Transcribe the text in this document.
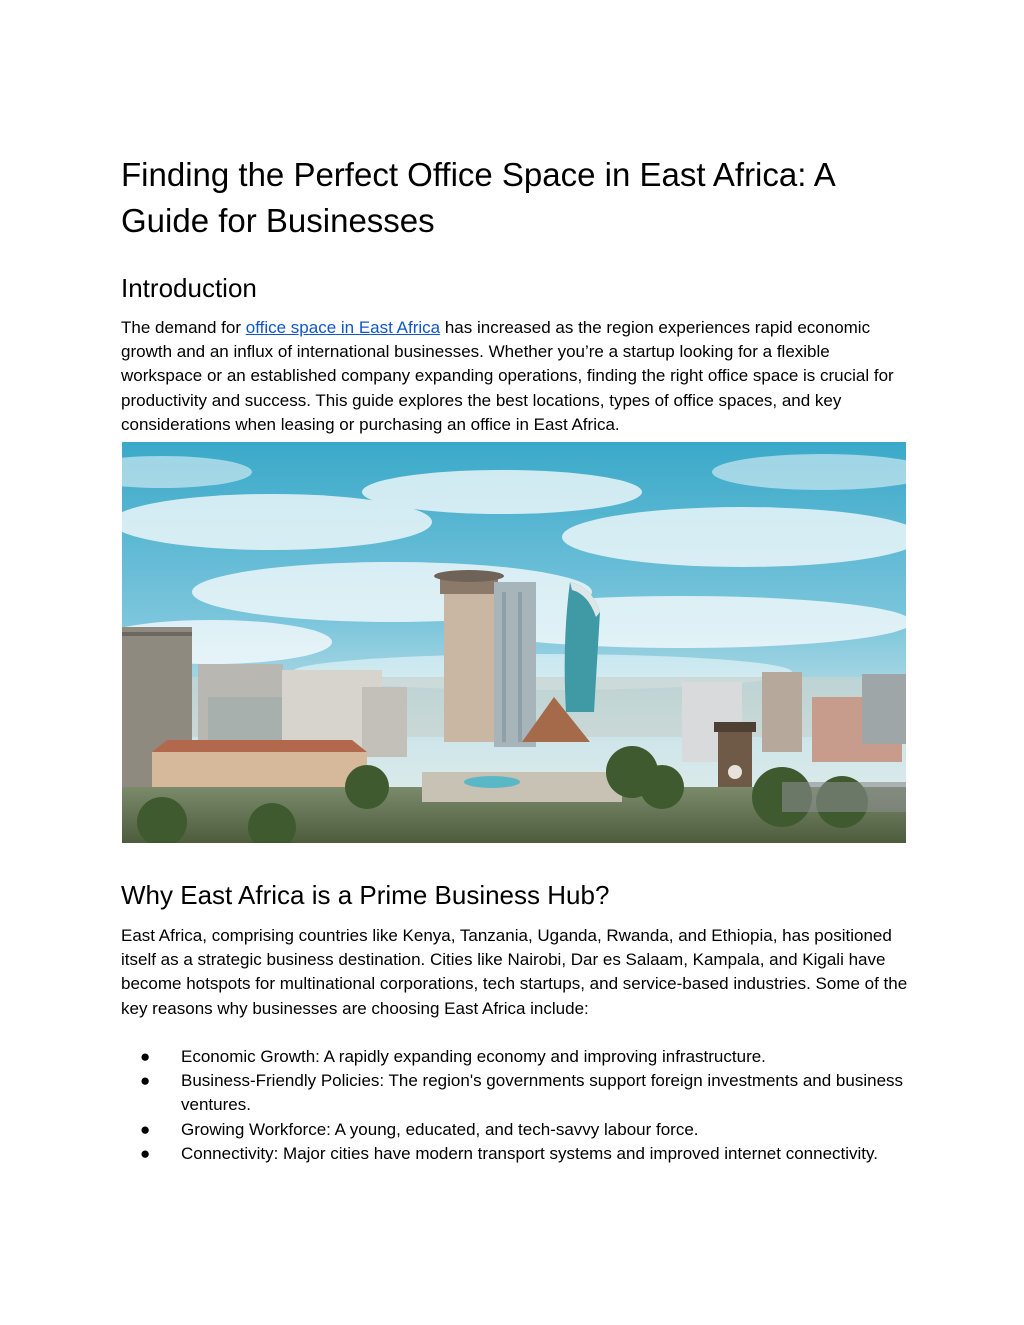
Finding the Perfect Office Space in East Africa: A Guide for Businesses
Introduction

The demand for office space in East Africa has increased as the region experiences rapid economic growth and an influx of international businesses. Whether you’re a startup looking for a flexible workspace or an established company expanding operations, finding the right office space is crucial for productivity and success. This guide explores the best locations, types of office spaces, and key considerations when leasing or purchasing an office in East Africa.

Why East Africa is a Prime Business Hub?

East Africa, comprising countries like Kenya, Tanzania, Uganda, Rwanda, and Ethiopia, has positioned itself as a strategic business destination. Cities like Nairobi, Dar es Salaam, Kampala, and Kigali have become hotspots for multinational corporations, tech startups, and service-based industries. Some of the key reasons why businesses are choosing East Africa include:

● Economic Growth: A rapidly expanding economy and improving infrastructure.
● Business-Friendly Policies: The region's governments support foreign investments and business ventures.
● Growing Workforce: A young, educated, and tech-savvy labour force.
● Connectivity: Major cities have modern transport systems and improved internet connectivity.
